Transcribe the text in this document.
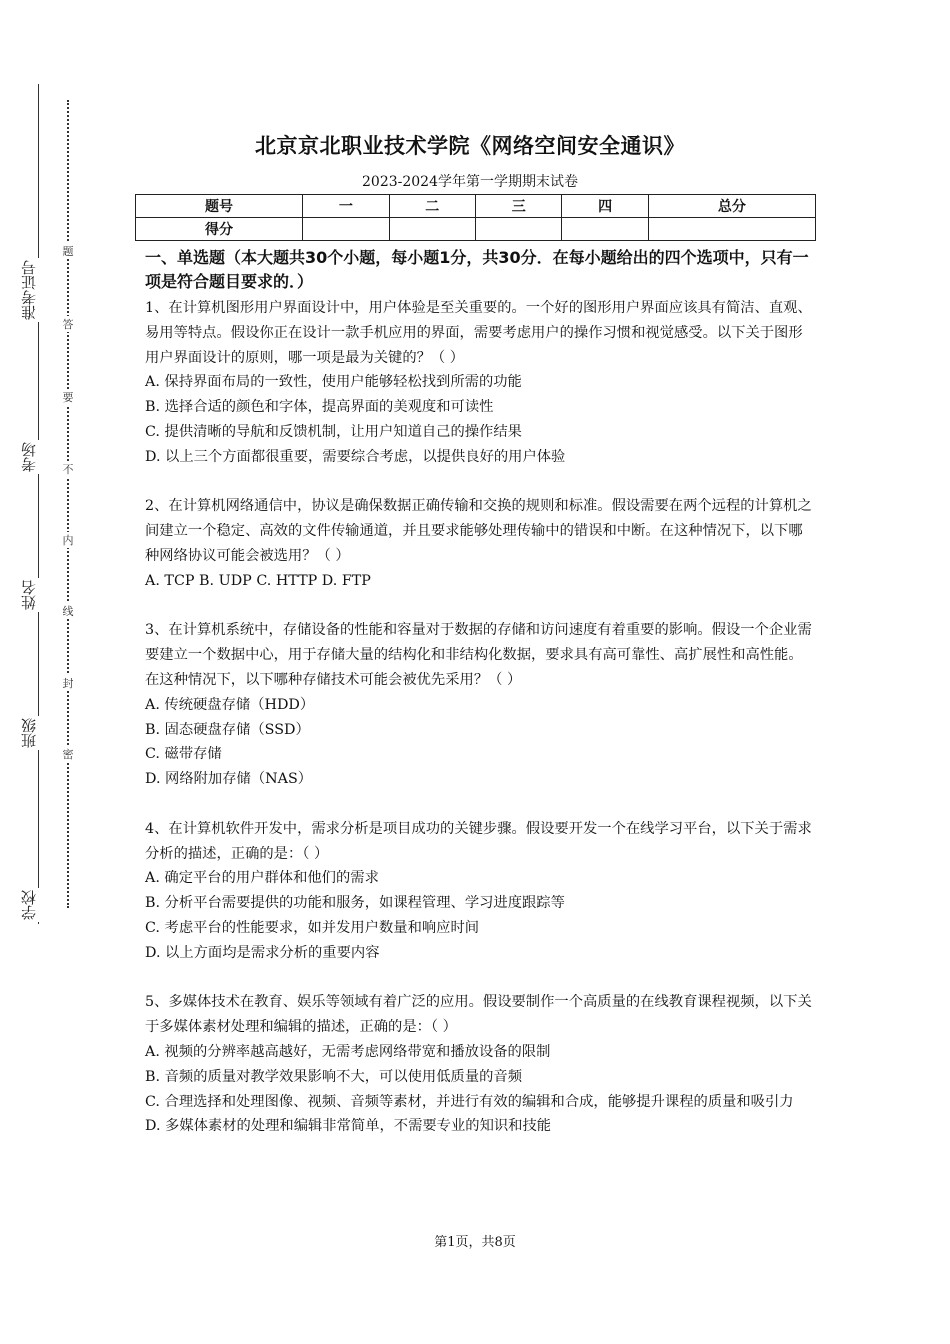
准考证号
考场
姓名
班级
学校
题
答
要
不
内
线
封
密
北京京北职业技术学院《网络空间安全通识》
2023-2024学年第一学期期末试卷
题号	一	二	三	四	总分
得分					
一、单选题（本大题共30个小题，每小题1分，共30分．在每小题给出的四个选项中，只有一项是符合题目要求的．）

1、在计算机图形用户界面设计中，用户体验是至关重要的。一个好的图形用户界面应该具有简洁、直观、易用等特点。假设你正在设计一款手机应用的界面，需要考虑用户的操作习惯和视觉感受。以下关于图形用户界面设计的原则，哪一项是最为关键的？（ ）

A. 保持界面布局的一致性，使用户能够轻松找到所需的功能

B. 选择合适的颜色和字体，提高界面的美观度和可读性

C. 提供清晰的导航和反馈机制，让用户知道自己的操作结果

D. 以上三个方面都很重要，需要综合考虑，以提供良好的用户体验

2、在计算机网络通信中，协议是确保数据正确传输和交换的规则和标准。假设需要在两个远程的计算机之间建立一个稳定、高效的文件传输通道，并且要求能够处理传输中的错误和中断。在这种情况下，以下哪种网络协议可能会被选用？（ ）

A. TCP B. UDP C. HTTP D. FTP

3、在计算机系统中，存储设备的性能和容量对于数据的存储和访问速度有着重要的影响。假设一个企业需要建立一个数据中心，用于存储大量的结构化和非结构化数据，要求具有高可靠性、高扩展性和高性能。在这种情况下，以下哪种存储技术可能会被优先采用？（ ）

A. 传统硬盘存储（HDD）

B. 固态硬盘存储（SSD）

C. 磁带存储

D. 网络附加存储（NAS）

4、在计算机软件开发中，需求分析是项目成功的关键步骤。假设要开发一个在线学习平台，以下关于需求分析的描述，正确的是：（ ）

A. 确定平台的用户群体和他们的需求

B. 分析平台需要提供的功能和服务，如课程管理、学习进度跟踪等

C. 考虑平台的性能要求，如并发用户数量和响应时间

D. 以上方面均是需求分析的重要内容

5、多媒体技术在教育、娱乐等领域有着广泛的应用。假设要制作一个高质量的在线教育课程视频，以下关于多媒体素材处理和编辑的描述，正确的是：（ ）

A. 视频的分辨率越高越好，无需考虑网络带宽和播放设备的限制

B. 音频的质量对教学效果影响不大，可以使用低质量的音频

C. 合理选择和处理图像、视频、音频等素材，并进行有效的编辑和合成，能够提升课程的质量和吸引力

D. 多媒体素材的处理和编辑非常简单，不需要专业的知识和技能

第1页，共8页
